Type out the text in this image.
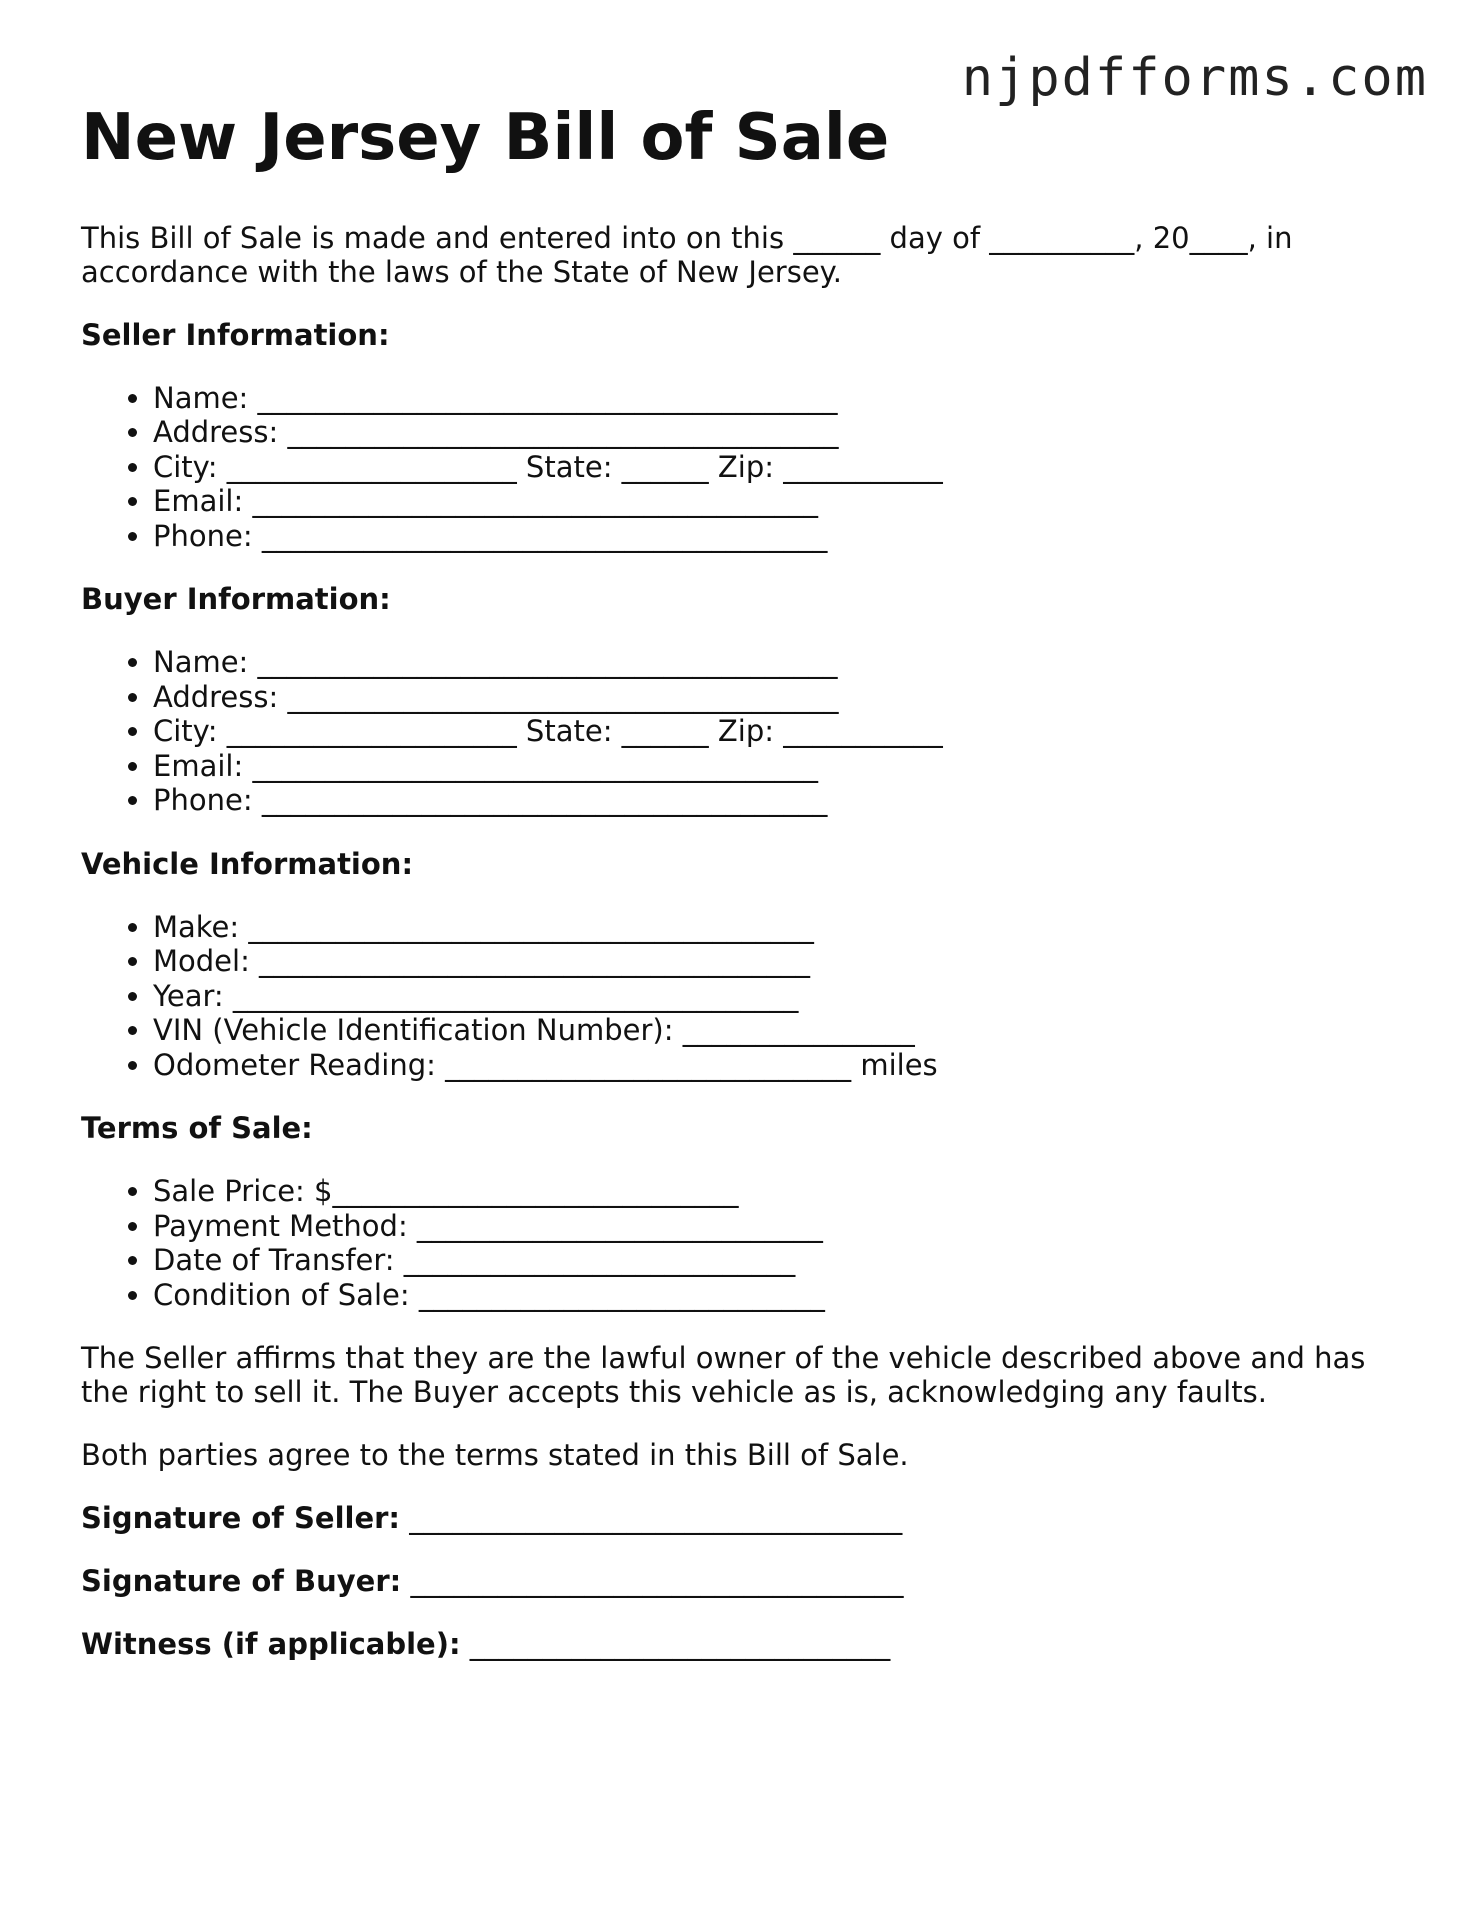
njpdfforms.com
New Jersey Bill of Sale

This Bill of Sale is made and entered into on this ______ day of __________, 20____, in accordance with the laws of the State of New Jersey.

Seller Information:
• Name: ________________________________________
• Address: ______________________________________
• City: ____________________ State: ______ Zip: ___________
• Email: _______________________________________
• Phone: _______________________________________
Buyer Information:
• Name: ________________________________________
• Address: ______________________________________
• City: ____________________ State: ______ Zip: ___________
• Email: _______________________________________
• Phone: _______________________________________
Vehicle Information:
• Make: _______________________________________
• Model: ______________________________________
• Year: _______________________________________
• VIN (Vehicle Identification Number): ________________
• Odometer Reading: ____________________________ miles
Terms of Sale:
• Sale Price: $____________________________
• Payment Method: ____________________________
• Date of Transfer: ___________________________
• Condition of Sale: ____________________________

The Seller affirms that they are the lawful owner of the vehicle described above and has the right to sell it. The Buyer accepts this vehicle as is, acknowledging any faults.

Both parties agree to the terms stated in this Bill of Sale.

Signature of Seller: __________________________________
Signature of Buyer: __________________________________
Witness (if applicable): _____________________________
